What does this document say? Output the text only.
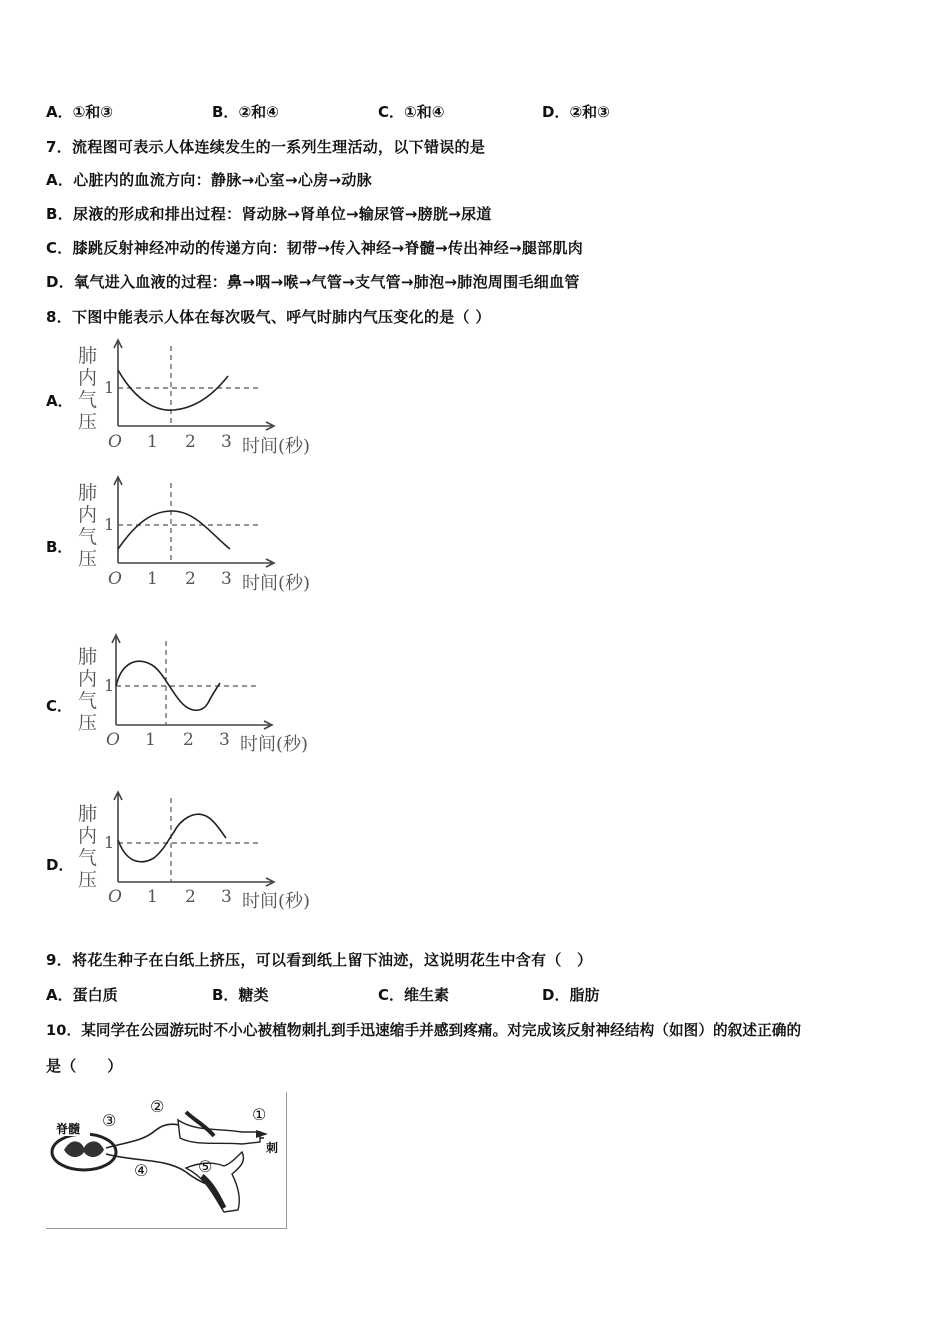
A．①和③	B．②和④	C．①和④	D．②和③
7．流程图可表示人体连续发生的一系列生理活动，以下错误的是
A．心脏内的血流方向：静脉→心室→心房→动脉
B．尿液的形成和排出过程：肾动脉→肾单位→输尿管→膀胱→尿道
C．膝跳反射神经冲动的传递方向：韧带→传入神经→脊髓→传出神经→腿部肌肉
D．氧气进入血液的过程：鼻→咽→喉→气管→支气管→肺泡→肺泡周围毛细血管
8．下图中能表示人体在每次吸气、呼气时肺内气压变化的是（ ）
A．
肺
内
气
压
1
O 1 2 3 时间(秒)
B．
肺
内
气
压
1
O 1 2 3 时间(秒)
C．
肺
内
气
压
1
O 1 2 3 时间(秒)
D．
肺
内
气
压
1
O 1 2 3 时间(秒)
9．将花生种子在白纸上挤压，可以看到纸上留下油迹，这说明花生中含有（　）
A．蛋白质	B．糖类	C．维生素	D．脂肪
10．某同学在公园游玩时不小心被植物刺扎到手迅速缩手并感到疼痛。对完成该反射神经结构（如图）的叙述正确的
是（　　）
脊髓
刺
①
②
③
④	⑤
